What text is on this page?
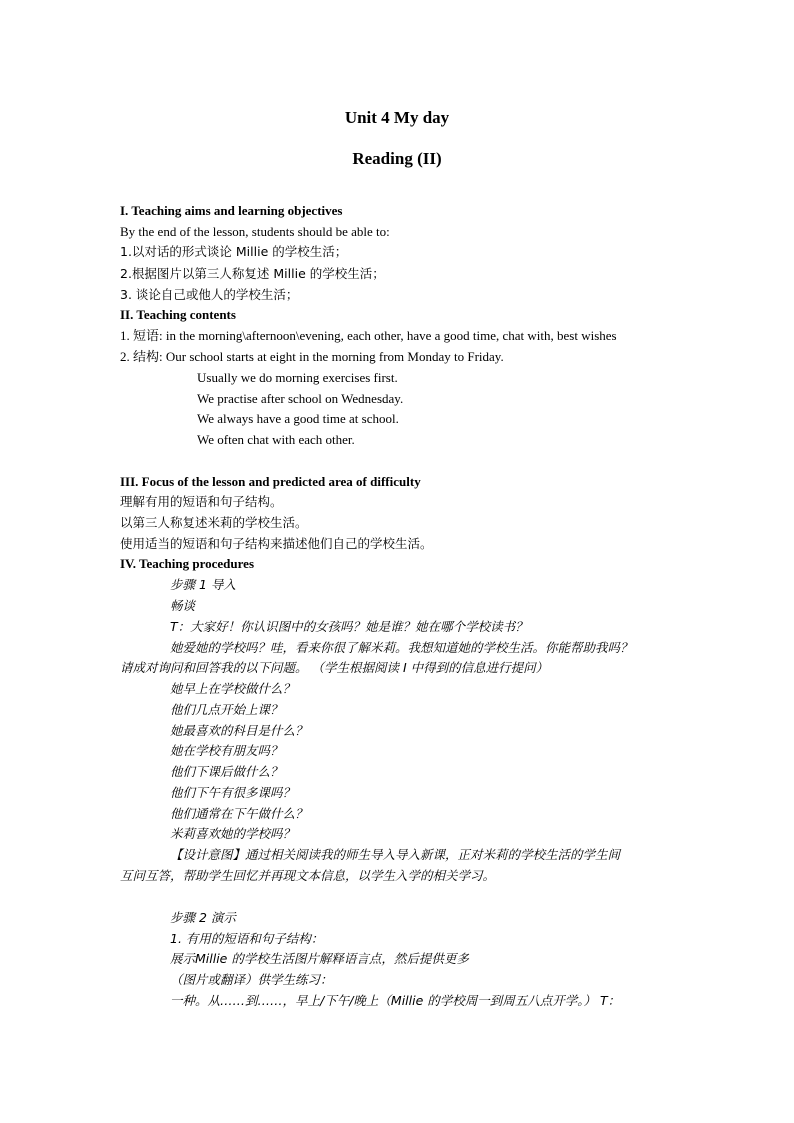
Unit 4 My day
Reading (II)
I. Teaching aims and learning objectives
By the end of the lesson, students should be able to:
1.以对话的形式谈论 Millie 的学校生活；
2.根据图片以第三人称复述 Millie 的学校生活；
3. 谈论自己或他人的学校生活；
II. Teaching contents
1. 短语: in the morning\afternoon\evening, each other, have a good time, chat with, best wishes
2. 结构: Our school starts at eight in the morning from Monday to Friday.
Usually we do morning exercises first.
We practise after school on Wednesday.
We always have a good time at school.
We often chat with each other.
III. Focus of the lesson and predicted area of difficulty
理解有用的短语和句子结构。
以第三人称复述米莉的学校生活。
使用适当的短语和句子结构来描述他们自己的学校生活。
IV. Teaching procedures
步骤 1 导入
畅谈
T：大家好！你认识图中的女孩吗？她是谁？她在哪个学校读书？
她爱她的学校吗？哇，看来你很了解米莉。我想知道她的学校生活。你能帮助我吗？
请成对询问和回答我的以下问题。 （学生根据阅读 I 中得到的信息进行提问）
她早上在学校做什么？
他们几点开始上课？
她最喜欢的科目是什么？
她在学校有朋友吗？
他们下课后做什么？
他们下午有很多课吗？
他们通常在下午做什么？
米莉喜欢她的学校吗？
【设计意图】通过相关阅读我的师生导入导入新课，正对米莉的学校生活的学生间
互问互答，帮助学生回忆并再现文本信息，以学生入学的相关学习。
步骤 2 演示
1. 有用的短语和句子结构：
展示Millie 的学校生活图片解释语言点，然后提供更多
（图片或翻译）供学生练习：
一种。从……到……，早上/下午/晚上（Millie 的学校周一到周五八点开学。） T：
